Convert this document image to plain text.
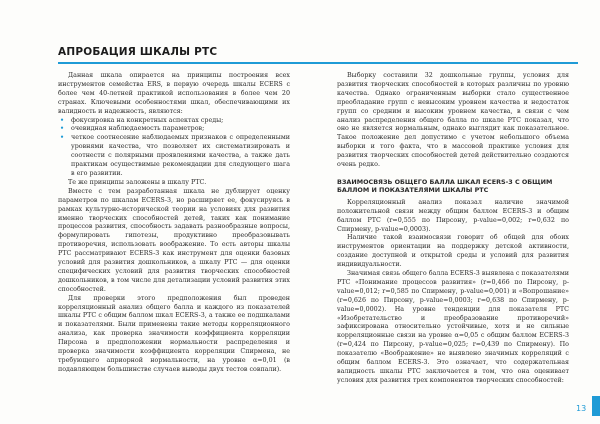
АПРОБАЦИЯ ШКАЛЫ РТС

Данная шкала опирается на принципы построения всех инструментов семейства ERS, в первую очередь шкалы ECERS с более чем 40-летней практикой использования в более чем 20 странах. Ключевыми особенностями шкал, обеспечивающими их валидность и надежность, являются:

• фокусировка на конкретных аспектах среды;
• очевидная наблюдаемость параметров;
• четкое соотнесение наблюдаемых признаков с определенными уровнями качества, что позволяет их систематизировать и соотнести с полярными проявлениями качества, а также дать практикам осуществимые рекомендации для следующего шага в его развитии.

Те же принципы заложены в шкалу РТС.

Вместе с тем разработанная шкала не дублирует оценку параметров по шкалам ECERS-3, но расширяет ее, фокусируясь в рамках культурно-исторической теории на условиях для развития именно творческих способностей детей, таких как понимание процессов развития, способность задавать разнообразные вопросы, формулировать гипотезы, продуктивно преобразовывать противоречия, использовать воображение. То есть авторы шкалы РТС рассматривают ECERS-3 как инструмент для оценки базовых условий для развития дошкольников, а шкалу РТС — для оценки специфических условий для развития творческих способностей дошкольников, в том числе для детализации условий развития этих способностей.

Для проверки этого предположения был проведен корреляционный анализ общего балла и каждого из показателей шкалы РТС с общим баллом шкал ECERS-3, а также ее подшкалами и показателями. Были применены такие методы корреляционного анализа, как проверка значимости коэффициента корреляции Пирсона в предположении нормальности распределения и проверка значимости коэффициента корреляции Спирмена, не требующего априорной нормальности, на уровне α=0,01 (в подавляющем большинстве случаев выводы двух тестов совпали).

Выборку составили 32 дошкольные группы, условия для развития творческих способностей в которых различны по уровню качества. Однако ограниченным выборки стало существенное преобладание групп с невысоким уровнем качества и недостаток групп со средним и высоким уровнем качества, в связи с чем анализ распределения общего балла по шкале РТС показал, что оно не является нормальным, однако выглядит как показательное. Такое положение дел допустимо с учетом небольшого объема выборки и того факта, что в массовой практике условия для развития творческих способностей детей действительно создаются очень редко.

ВЗАИМОСВЯЗЬ ОБЩЕГО БАЛЛА ШКАЛ ECERS-3 С ОБЩИМ БАЛЛОМ И ПОКАЗАТЕЛЯМИ ШКАЛЫ РТС

Корреляционный анализ показал наличие значимой положительной связи между общим баллом ECERS-3 и общим баллом РТС (r=0,555 по Пирсону, p-value=0,002; r=0,632 по Спирмену, p-value=0,0003).

Наличие такой взаимосвязи говорит об общей для обоих инструментов ориентации на поддержку детской активности, создание доступной и открытой среды и условий для развития индивидуальности.

Значимая связь общего балла ECERS-3 выявлена с показателями РТС «Понимание процессов развития» (r=0,466 по Пирсону, p-value=0,012; r=0,585 по Спирмену, p-value=0,001) и «Вопрошание» (r=0,626 по Пирсону, p-value=0,0003; r=0,638 по Спирмену, p-value=0,0002). На уровне тенденции для показателя РТС «Изобретательство и преобразование противоречий» зафиксирована относительно устойчивые, хотя и не сильные корреляционные связи на уровне α=0,05 с общим баллом ECERS-3 (r=0,424 по Пирсону, p-value=0,025; r=0,439 по Спирмену). По показателю «Воображение» не выявлено значимых корреляций с общим баллом ECERS-3. Это означает, что содержательная валидность шкалы РТС заключается в том, что она оценивает условия для развития трех компонентов творческих способностей:

13
